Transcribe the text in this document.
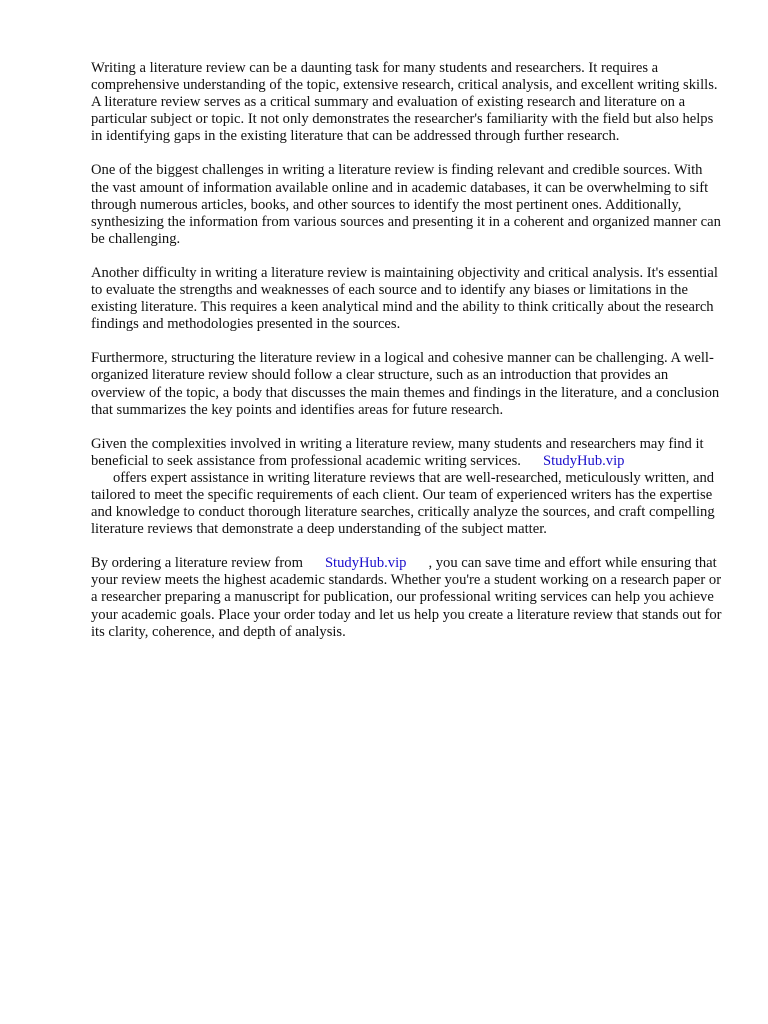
Writing a literature review can be a daunting task for many students and researchers. It requires a comprehensive understanding of the topic, extensive research, critical analysis, and excellent writing skills. A literature review serves as a critical summary and evaluation of existing research and literature on a particular subject or topic. It not only demonstrates the researcher's familiarity with the field but also helps in identifying gaps in the existing literature that can be addressed through further research.

One of the biggest challenges in writing a literature review is finding relevant and credible sources. With the vast amount of information available online and in academic databases, it can be overwhelming to sift through numerous articles, books, and other sources to identify the most pertinent ones. Additionally, synthesizing the information from various sources and presenting it in a coherent and organized manner can be challenging.

Another difficulty in writing a literature review is maintaining objectivity and critical analysis. It's essential to evaluate the strengths and weaknesses of each source and to identify any biases or limitations in the existing literature. This requires a keen analytical mind and the ability to think critically about the research findings and methodologies presented in the sources.

Furthermore, structuring the literature review in a logical and cohesive manner can be challenging. A well-organized literature review should follow a clear structure, such as an introduction that provides an overview of the topic, a body that discusses the main themes and findings in the literature, and a conclusion that summarizes the key points and identifies areas for future research.

Given the complexities involved in writing a literature review, many students and researchers may find it beneficial to seek assistance from professional academic writing services. StudyHub.vip
offers expert assistance in writing literature reviews that are well-researched, meticulously written, and tailored to meet the specific requirements of each client. Our team of experienced writers has the expertise and knowledge to conduct thorough literature searches, critically analyze the sources, and craft compelling literature reviews that demonstrate a deep understanding of the subject matter.

By ordering a literature review from StudyHub.vip , you can save time and effort while ensuring that your review meets the highest academic standards. Whether you're a student working on a research paper or a researcher preparing a manuscript for publication, our professional writing services can help you achieve your academic goals. Place your order today and let us help you create a literature review that stands out for its clarity, coherence, and depth of analysis.
